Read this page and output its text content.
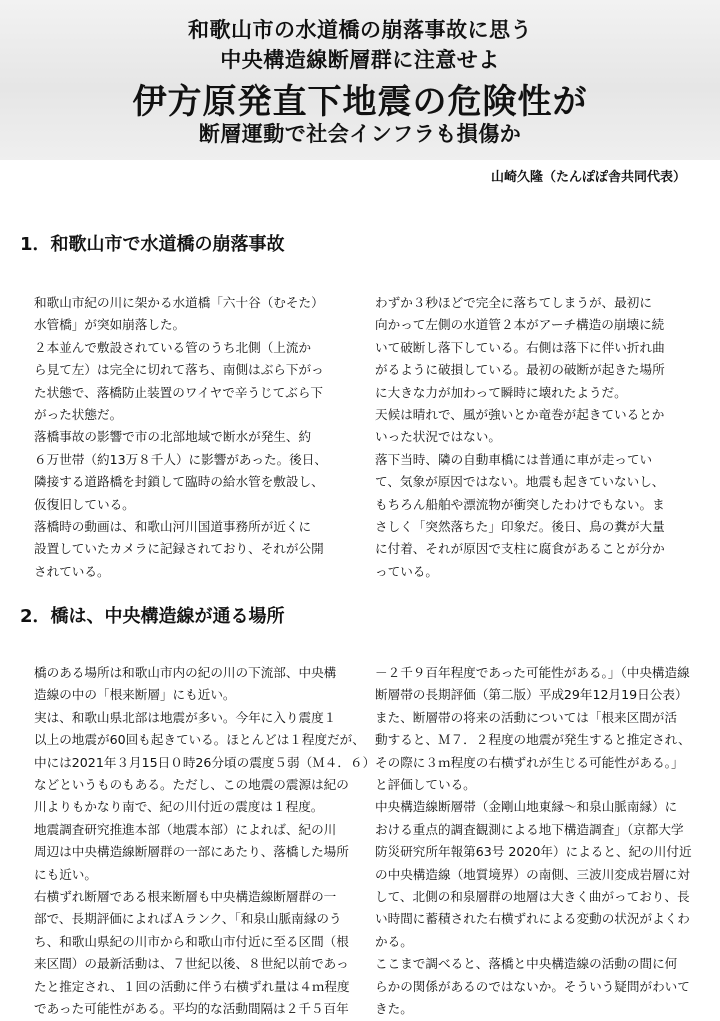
和歌山市の水道橋の崩落事故に思う
中央構造線断層群に注意せよ
伊方原発直下地震の危険性が
断層運動で社会インフラも損傷か
山崎久隆（たんぽぽ舎共同代表）
1．和歌山市で水道橋の崩落事故

和歌山市紀の川に架かる水道橋「六十谷（むそた）

水管橋」が突如崩落した。

２本並んで敷設されている管のうち北側（上流か

ら見て左）は完全に切れて落ち、南側はぶら下がっ

た状態で、落橋防止装置のワイヤで辛うじてぶら下

がった状態だ。

落橋事故の影響で市の北部地域で断水が発生、約

６万世帯（約13万８千人）に影響があった。後日、

隣接する道路橋を封鎖して臨時の給水管を敷設し、

仮復旧している。

落橋時の動画は、和歌山河川国道事務所が近くに

設置していたカメラに記録されており、それが公開

されている。

わずか３秒ほどで完全に落ちてしまうが、最初に

向かって左側の水道管２本がアーチ構造の崩壊に続

いて破断し落下している。右側は落下に伴い折れ曲

がるように破損している。最初の破断が起きた場所

に大きな力が加わって瞬時に壊れたようだ。

天候は晴れで、風が強いとか竜巻が起きているとか

いった状況ではない。

落下当時、隣の自動車橋には普通に車が走ってい

て、気象が原因ではない。地震も起きていないし、

もちろん船舶や漂流物が衝突したわけでもない。ま

さしく「突然落ちた」印象だ。後日、鳥の糞が大量

に付着、それが原因で支柱に腐食があることが分か

っている。

2．橋は、中央構造線が通る場所

橋のある場所は和歌山市内の紀の川の下流部、中央構

造線の中の「根来断層」にも近い。

実は、和歌山県北部は地震が多い。今年に入り震度１

以上の地震が60回も起きている。ほとんどは１程度だが、

中には2021年３月15日０時26分頃の震度５弱（Ｍ４．６）

などというものもある。ただし、この地震の震源は紀の

川よりもかなり南で、紀の川付近の震度は１程度。

地震調査研究推進本部（地震本部）によれば、紀の川

周辺は中央構造線断層群の一部にあたり、落橋した場所

にも近い。

右横ずれ断層である根来断層も中央構造線断層群の一

部で、長期評価によればＡランク、「和泉山脈南縁のう

ち、和歌山県紀の川市から和歌山市付近に至る区間（根

来区間）の最新活動は、７世紀以後、８世紀以前であっ

たと推定され、１回の活動に伴う右横ずれ量は４ｍ程度

であった可能性がある。平均的な活動間隔は２千５百年

－２千９百年程度であった可能性がある。」（中央構造線

断層帯の長期評価（第二版）平成29年12月19日公表）

また、断層帯の将来の活動については「根来区間が活

動すると、Ｍ７．２程度の地震が発生すると推定され、

その際に３ｍ程度の右横ずれが生じる可能性がある。」

と評価している。

中央構造線断層帯（金剛山地東縁～和泉山脈南縁）に

おける重点的調査観測による地下構造調査」（京都大学

防災研究所年報第63号 2020年）によると、紀の川付近

の中央構造線（地質境界）の南側、三波川変成岩層に対

して、北側の和泉層群の地層は大きく曲がっており、長

い時間に蓄積された右横ずれによる変動の状況がよくわ

かる。

ここまで調べると、落橋と中央構造線の活動の間に何

らかの関係があるのではないか。そういう疑問がわいて

きた。
